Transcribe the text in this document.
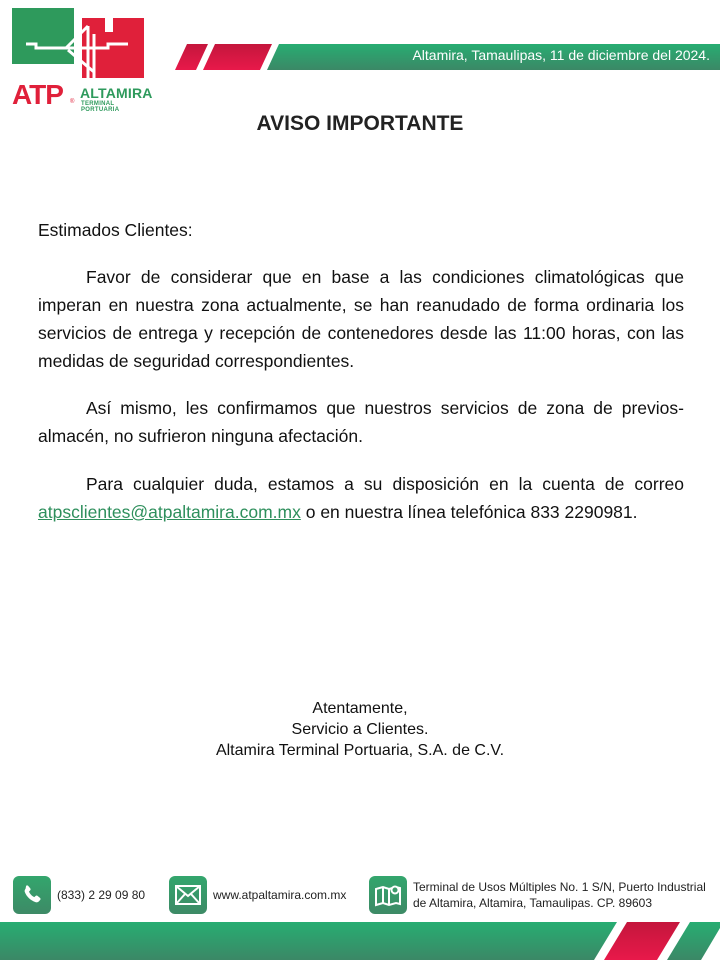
ATP ®
ALTAMIRA
TERMINAL PORTUARIA
Altamira, Tamaulipas, 11 de diciembre del 2024.
AVISO IMPORTANTE
Estimados Clientes:
Favor de considerar que en base a las condiciones climatológicas que imperan en nuestra zona actualmente, se han reanudado de forma ordinaria los servicios de entrega y recepción de contenedores desde las 11:00 horas, con las medidas de seguridad correspondientes.
Así mismo, les confirmamos que nuestros servicios de zona de previos-almacén, no sufrieron ninguna afectación.
Para cualquier duda, estamos a su disposición en la cuenta de correo atpsclientes@atpaltamira.com.mx o en nuestra línea telefónica 833 2290981.
Atentamente,
Servicio a Clientes.
Altamira Terminal Portuaria, S.A. de C.V.
(833) 2 29 09 80	www.atpaltamira.com.mx
Terminal de Usos Múltiples No. 1 S/N, Puerto Industrial
de Altamira, Altamira, Tamaulipas. CP. 89603
